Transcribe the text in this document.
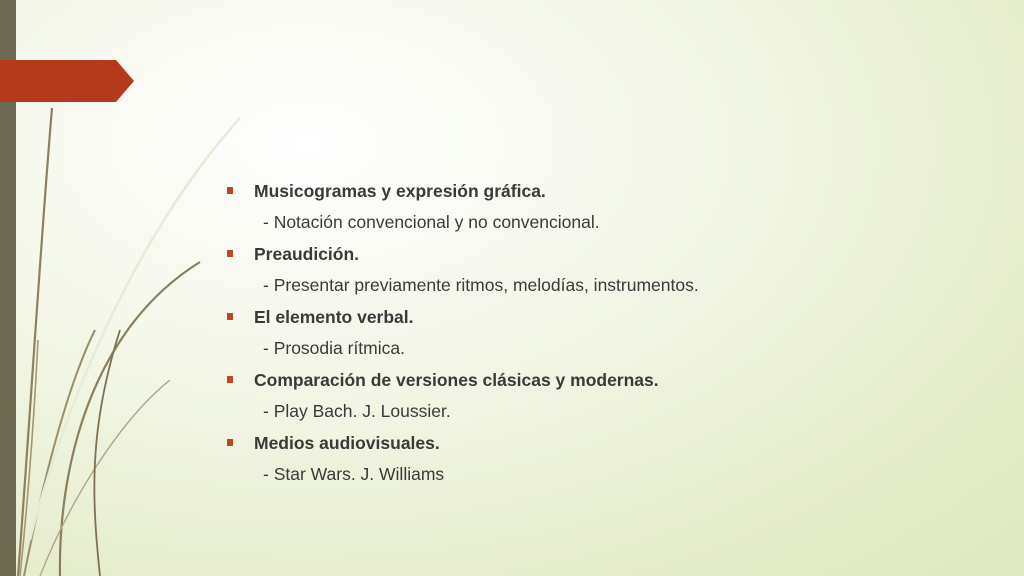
Musicogramas y expresión gráfica.
- Notación convencional y no convencional.
Preaudición.
- Presentar previamente ritmos, melodías, instrumentos.
El elemento verbal.
- Prosodia rítmica.
Comparación de versiones clásicas y modernas.
- Play Bach. J. Loussier.
Medios audiovisuales.
- Star Wars. J. Williams
